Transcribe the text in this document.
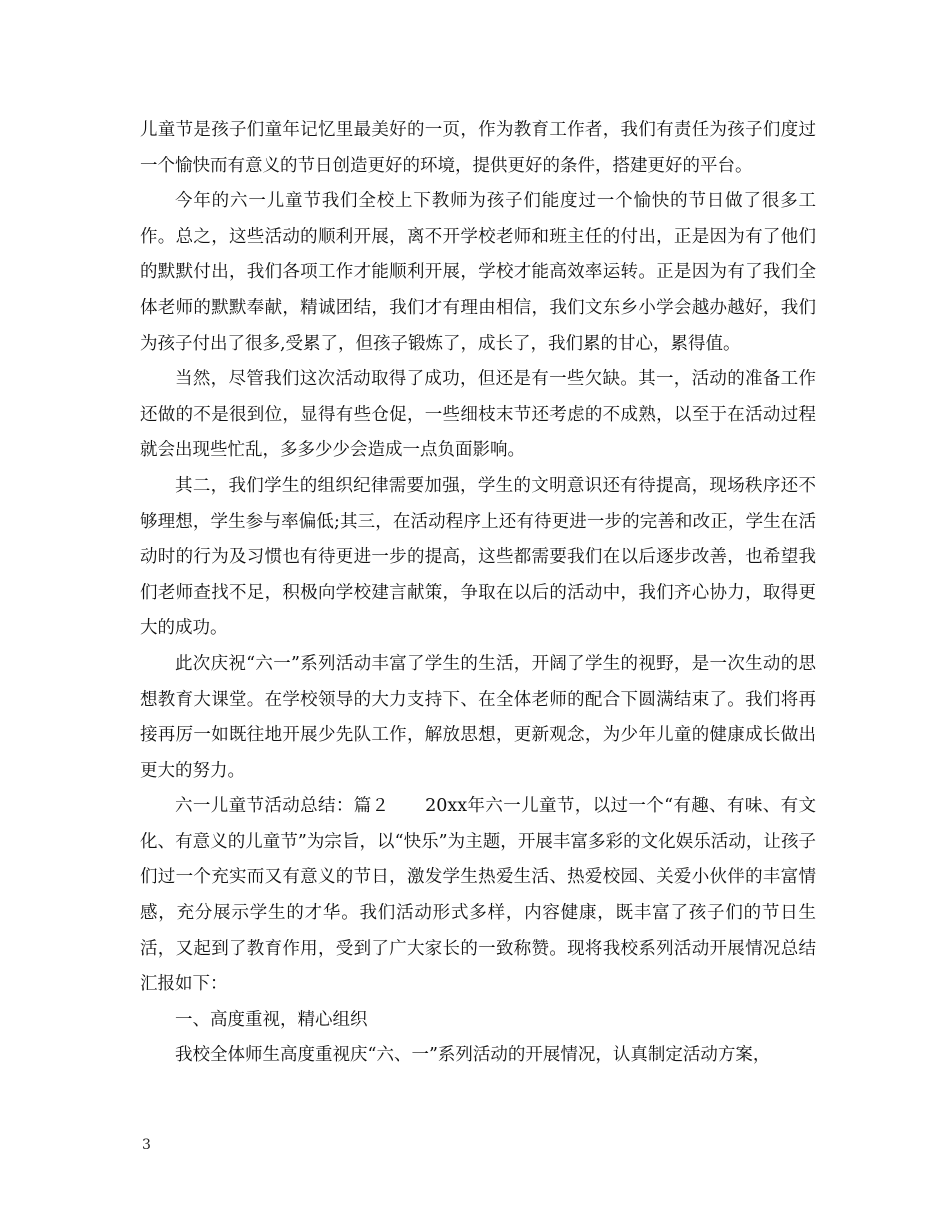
儿童节是孩子们童年记忆里最美好的一页，作为教育工作者，我们有责任为孩子们度过一个愉快而有意义的节日创造更好的环境，提供更好的条件，搭建更好的平台。

今年的六一儿童节我们全校上下教师为孩子们能度过一个愉快的节日做了很多工作。总之，这些活动的顺利开展，离不开学校老师和班主任的付出，正是因为有了他们的默默付出，我们各项工作才能顺利开展，学校才能高效率运转。正是因为有了我们全体老师的默默奉献，精诚团结，我们才有理由相信，我们文东乡小学会越办越好，我们为孩子付出了很多,受累了，但孩子锻炼了，成长了，我们累的甘心，累得值。

当然，尽管我们这次活动取得了成功，但还是有一些欠缺。其一，活动的准备工作还做的不是很到位，显得有些仓促，一些细枝末节还考虑的不成熟，以至于在活动过程就会出现些忙乱，多多少少会造成一点负面影响。

其二，我们学生的组织纪律需要加强，学生的文明意识还有待提高，现场秩序还不够理想，学生参与率偏低;其三，在活动程序上还有待更进一步的完善和改正，学生在活动时的行为及习惯也有待更进一步的提高，这些都需要我们在以后逐步改善，也希望我们老师查找不足，积极向学校建言献策，争取在以后的活动中，我们齐心协力，取得更大的成功。

此次庆祝“六一”系列活动丰富了学生的生活，开阔了学生的视野，是一次生动的思想教育大课堂。在学校领导的大力支持下、在全体老师的配合下圆满结束了。我们将再接再厉一如既往地开展少先队工作，解放思想，更新观念，为少年儿童的健康成长做出更大的努力。

六一儿童节活动总结：篇２　　20xx年六一儿童节，以过一个“有趣、有味、有文化、有意义的儿童节”为宗旨，以“快乐”为主题，开展丰富多彩的文化娱乐活动，让孩子们过一个充实而又有意义的节日，激发学生热爱生活、热爱校园、关爱小伙伴的丰富情感，充分展示学生的才华。我们活动形式多样，内容健康，既丰富了孩子们的节日生活，又起到了教育作用，受到了广大家长的一致称赞。现将我校系列活动开展情况总结汇报如下：

一、高度重视，精心组织

我校全体师生高度重视庆“六、一”系列活动的开展情况，认真制定活动方案，

3
